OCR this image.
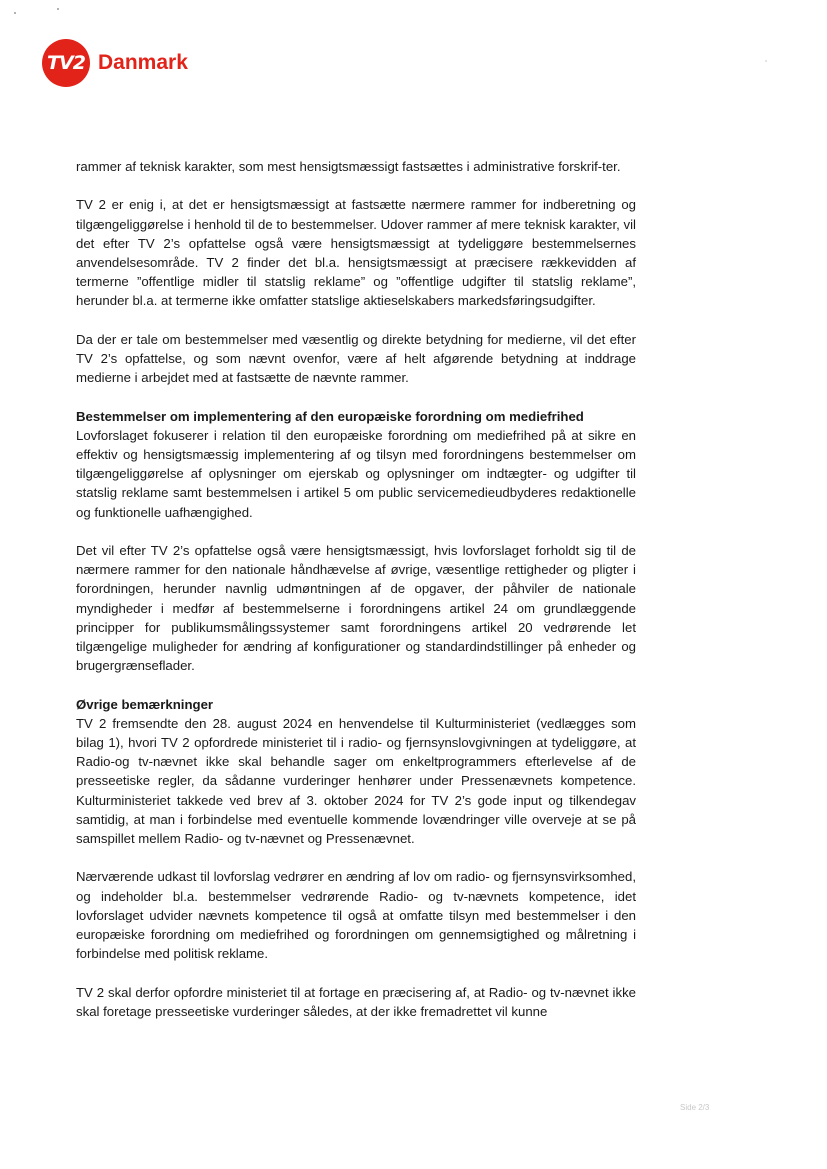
TV2 Danmark

rammer af teknisk karakter, som mest hensigtsmæssigt fastsættes i administrative forskrif-ter.

TV 2 er enig i, at det er hensigtsmæssigt at fastsætte nærmere rammer for indberetning og tilgængeliggørelse i henhold til de to bestemmelser. Udover rammer af mere teknisk karakter, vil det efter TV 2’s opfattelse også være hensigtsmæssigt at tydeliggøre bestemmelsernes anvendelsesområde. TV 2 finder det bl.a. hensigtsmæssigt at præcisere rækkevidden af termerne ”offentlige midler til statslig reklame” og ”offentlige udgifter til statslig reklame”, herunder bl.a. at termerne ikke omfatter statslige aktieselskabers markedsføringsudgifter.

Da der er tale om bestemmelser med væsentlig og direkte betydning for medierne, vil det efter TV 2’s opfattelse, og som nævnt ovenfor, være af helt afgørende betydning at inddrage medierne i arbejdet med at fastsætte de nævnte rammer.

Bestemmelser om implementering af den europæiske forordning om mediefrihed

Lovforslaget fokuserer i relation til den europæiske forordning om mediefrihed på at sikre en effektiv og hensigtsmæssig implementering af og tilsyn med forordningens bestemmelser om tilgængeliggørelse af oplysninger om ejerskab og oplysninger om indtægter- og udgifter til statslig reklame samt bestemmelsen i artikel 5 om public servicemedieudbyderes redaktionelle og funktionelle uafhængighed.

Det vil efter TV 2’s opfattelse også være hensigtsmæssigt, hvis lovforslaget forholdt sig til de nærmere rammer for den nationale håndhævelse af øvrige, væsentlige rettigheder og pligter i forordningen, herunder navnlig udmøntningen af de opgaver, der påhviler de nationale myndigheder i medfør af bestemmelserne i forordningens artikel 24 om grundlæggende principper for publikumsmålingssystemer samt forordningens artikel 20 vedrørende let tilgængelige muligheder for ændring af konfigurationer og standardindstillinger på enheder og brugergrænseflader.

Øvrige bemærkninger

TV 2 fremsendte den 28. august 2024 en henvendelse til Kulturministeriet (vedlægges som bilag 1), hvori TV 2 opfordrede ministeriet til i radio- og fjernsynslovgivningen at tydeliggøre, at Radio-og tv-nævnet ikke skal behandle sager om enkeltprogrammers efterlevelse af de presseetiske regler, da sådanne vurderinger henhører under Pressenævnets kompetence. Kulturministeriet takkede ved brev af 3. oktober 2024 for TV 2’s gode input og tilkendegav samtidig, at man i forbindelse med eventuelle kommende lovændringer ville overveje at se på samspillet mellem Radio- og tv-nævnet og Pressenævnet.

Nærværende udkast til lovforslag vedrører en ændring af lov om radio- og fjernsynsvirksomhed, og indeholder bl.a. bestemmelser vedrørende Radio- og tv-nævnets kompetence, idet lovforslaget udvider nævnets kompetence til også at omfatte tilsyn med bestemmelser i den europæiske forordning om mediefrihed og forordningen om gennemsigtighed og målretning i forbindelse med politisk reklame.

TV 2 skal derfor opfordre ministeriet til at fortage en præcisering af, at Radio- og tv-nævnet ikke skal foretage presseetiske vurderinger således, at der ikke fremadrettet vil kunne

Side 2/3
